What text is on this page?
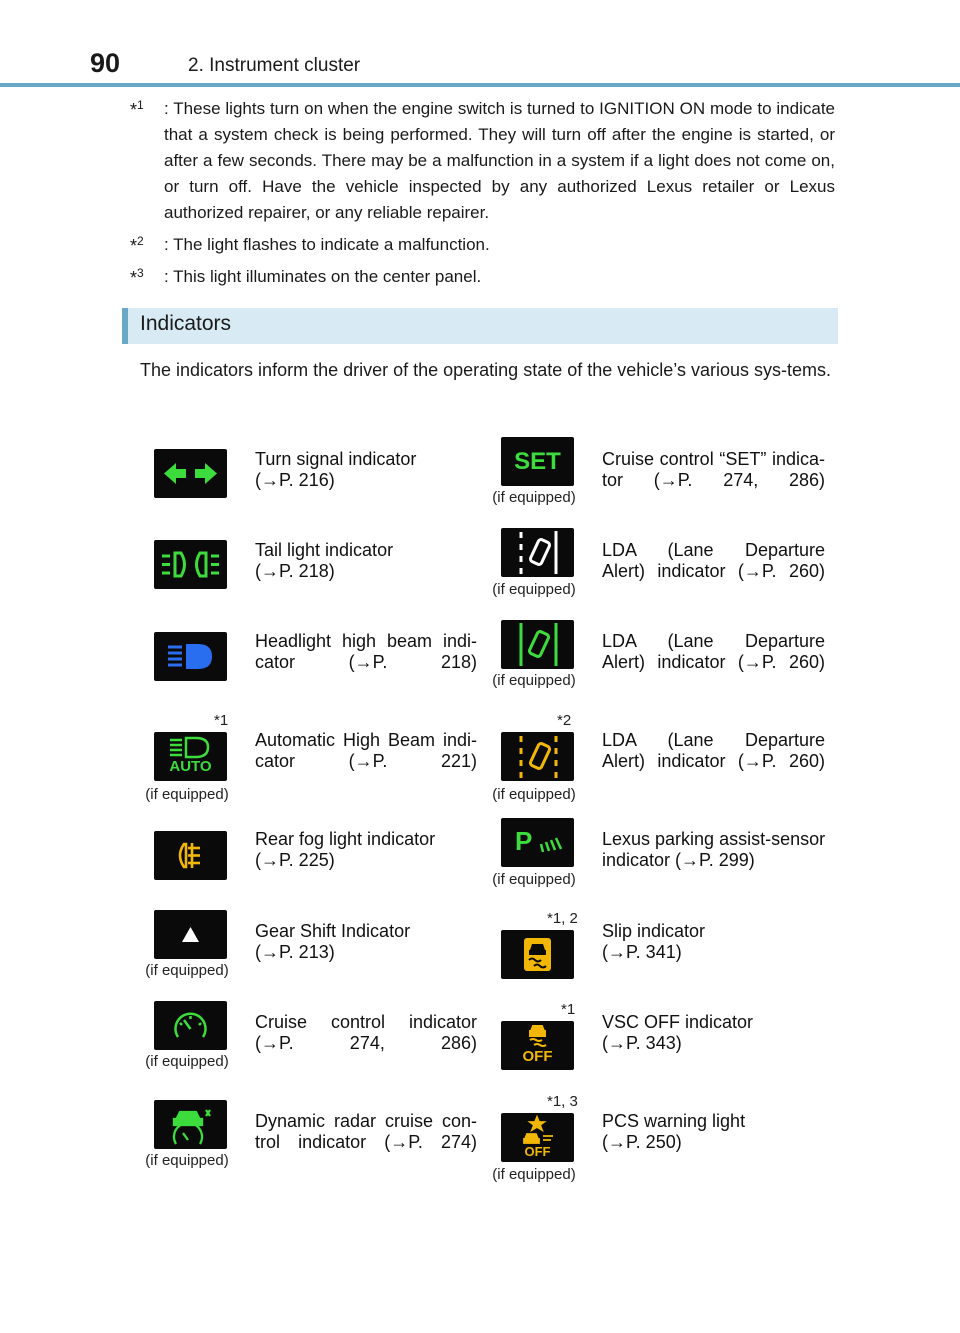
90	2. Instrument cluster
*$^1$ : These lights turn on when the engine switch is turned to IGNITION ON mode to indicate that a system check is being performed. They will turn off after the engine is started, or after a few seconds. There may be a malfunction in a system if a light does not come on, or turn off. Have the vehicle inspected by any authorized Lexus retailer or Lexus authorized repairer, or any reliable repairer.
*$^2$ : The light flashes to indicate a malfunction.
*$^3$ : This light illuminates on the center panel.
Indicators
The indicators inform the driver of the operating state of the vehicle’s various sys-tems.
Turn signal indicator
(→P. 216)
Tail light indicator
(→P. 218)
Headlight high beam indi-
cator (→P. 218)
*1
AUTO
(if equipped)
Automatic High Beam indi-
cator (→P. 221)
Rear fog light indicator
(→P. 225)
(if equipped)
Gear Shift Indicator
(→P. 213)
(if equipped)
Cruise control indicator
(→P. 274, 286)
(if equipped)
Dynamic radar cruise con-
trol indicator (→P. 274)
SET
(if equipped)
Cruise control “SET” indica-
tor (→P. 274, 286)
(if equipped)
LDA (Lane Departure
Alert) indicator (→P. 260)
(if equipped)
LDA (Lane Departure
Alert) indicator (→P. 260)
*2
(if equipped)
LDA (Lane Departure
Alert) indicator (→P. 260)
P
(if equipped)
Lexus parking assist-sensor
indicator (→P. 299)
*1, 2
Slip indicator
(→P. 341)
*1
OFF
VSC OFF indicator
(→P. 343)
*1, 3
OFF
(if equipped)
PCS warning light
(→P. 250)
